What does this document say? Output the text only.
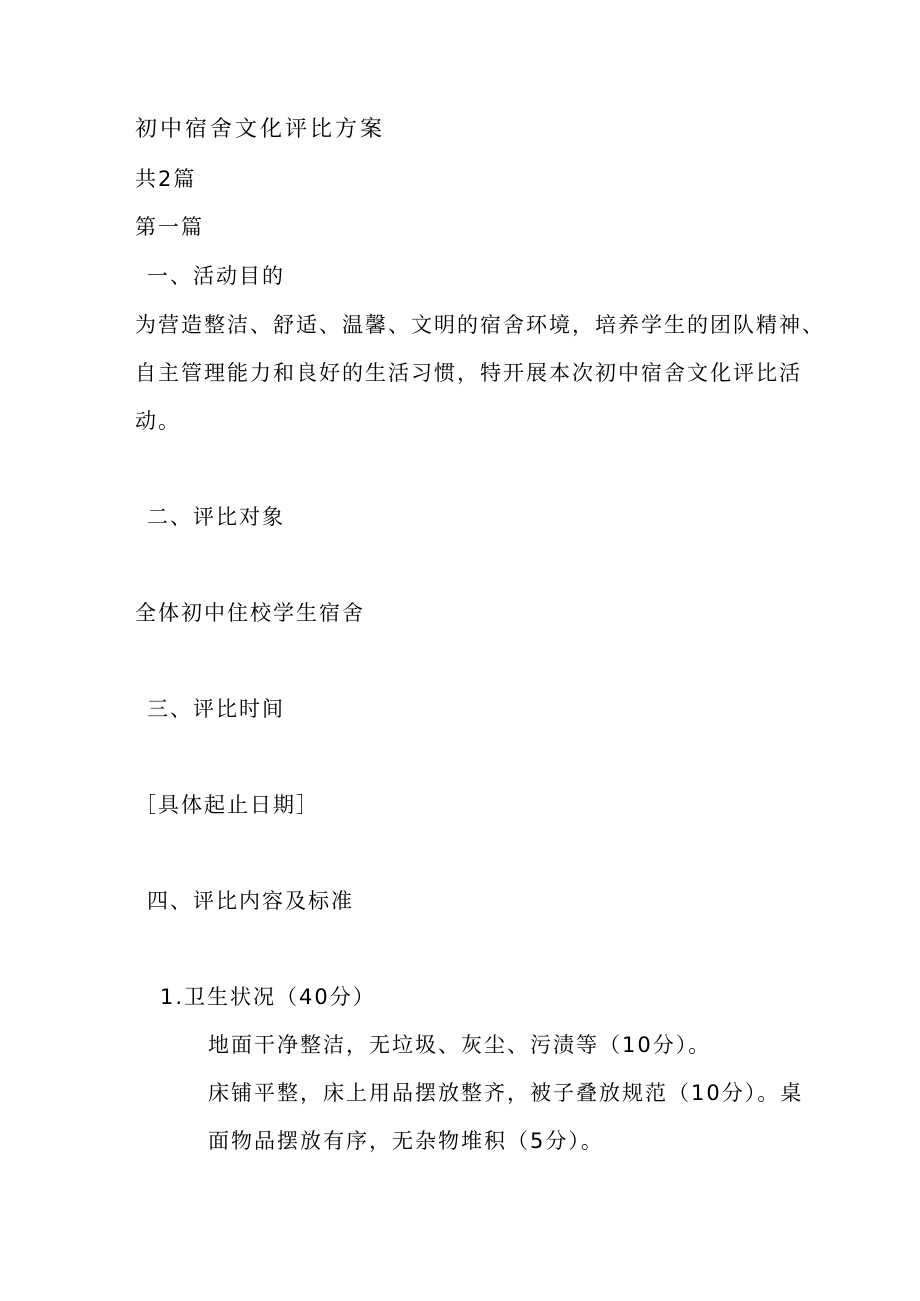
初中宿舍文化评比方案
共2篇
第一篇
一、活动目的
为营造整洁、舒适、温馨、文明的宿舍环境，培养学生的团队精神、
自主管理能力和良好的生活习惯，特开展本次初中宿舍文化评比活
动。
二、评比对象
全体初中住校学生宿舍
三、评比时间
［具体起止日期］
四、评比内容及标准
1.卫生状况（40分）
地面干净整洁，无垃圾、灰尘、污渍等（10分）。
床铺平整，床上用品摆放整齐，被子叠放规范（10分）。桌
面物品摆放有序，无杂物堆积（5分）。
